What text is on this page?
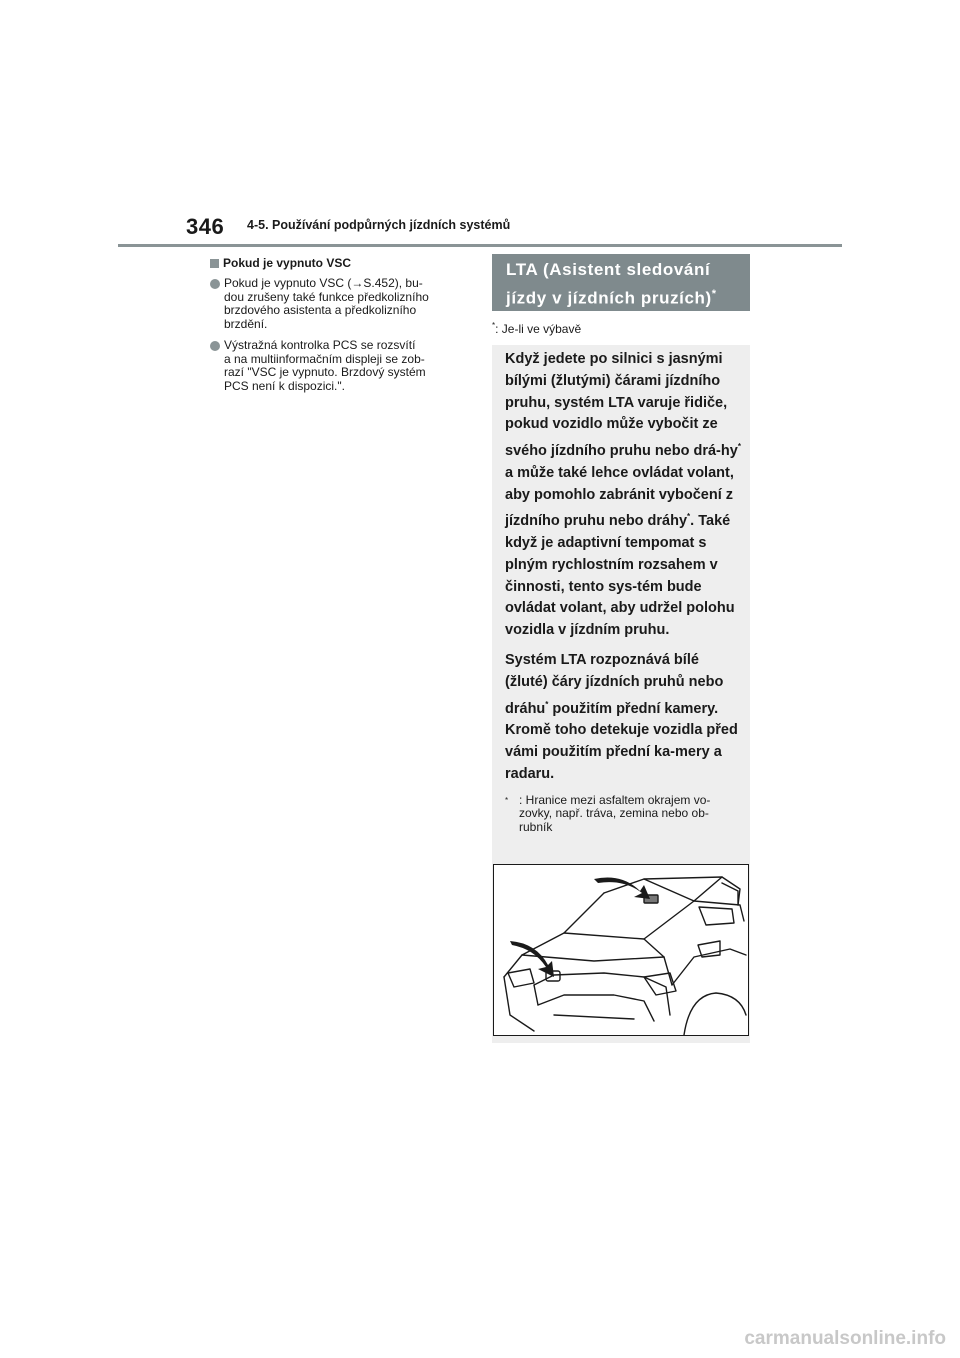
346 4-5. Používání podpůrných jízdních systémů
Pokud je vypnuto VSC
Pokud je vypnuto VSC (→S.452), bu-
dou zrušeny také funkce předkolizního
brzdového asistenta a předkolizního
brzdění.
Výstražná kontrolka PCS se rozsvítí
a na multiinformačním displeji se zob-
razí "VSC je vypnuto. Brzdový systém
PCS není k dispozici.".
LTA (Asistent sledování
jízdy v jízdních pruzích)*
*: Je-li ve výbavě

Když jedete po silnici s jasnými bílými (žlutými) čárami jízdního pruhu, systém LTA varuje řidiče, pokud vozidlo může vybočit ze svého jízdního pruhu nebo drá-hy* a může také lehce ovládat volant, aby pomohlo zabránit vybočení z jízdního pruhu nebo dráhy*. Také když je adaptivní tempomat s plným rychlostním rozsahem v činnosti, tento sys-tém bude ovládat volant, aby udržel polohu vozidla v jízdním pruhu.

Systém LTA rozpoznává bílé (žluté) čáry jízdních pruhů nebo dráhu* použitím přední kamery. Kromě toho detekuje vozidla před vámi použitím přední ka-mery a radaru.

* : Hranice mezi asfaltem okrajem vo-zovky, např. tráva, zemina nebo ob-rubník
carmanualsonline.info
